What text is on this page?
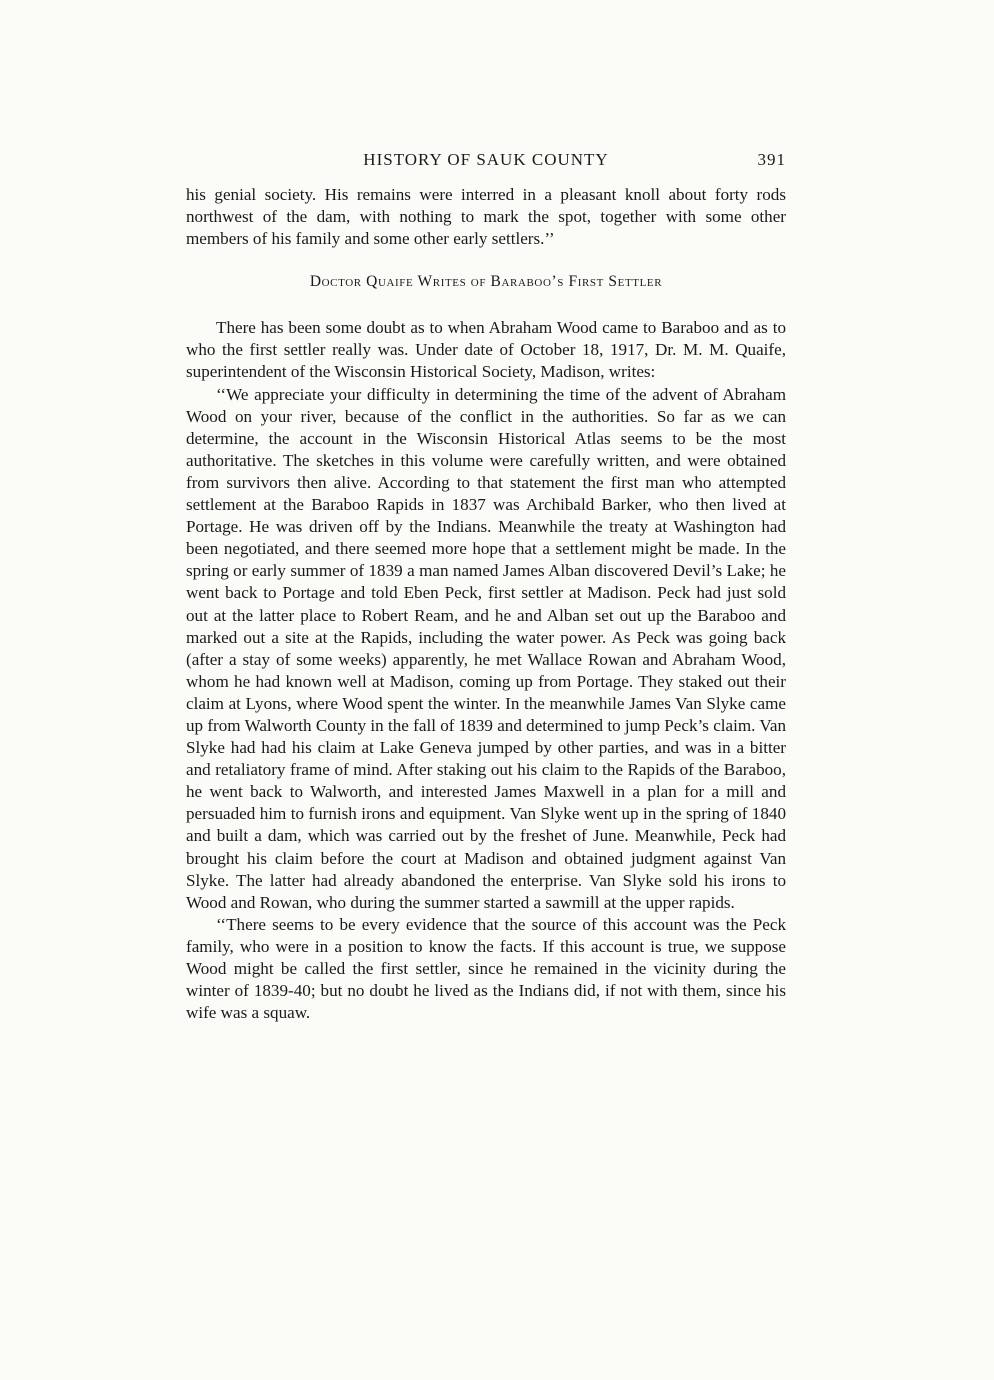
HISTORY OF SAUK COUNTY	391

his genial society. His remains were interred in a pleasant knoll about forty rods northwest of the dam, with nothing to mark the spot, together with some other members of his family and some other early settlers.’’

Doctor Quaife Writes of Baraboo’s First Settler

There has been some doubt as to when Abraham Wood came to Baraboo and as to who the first settler really was. Under date of October 18, 1917, Dr. M. M. Quaife, superintendent of the Wisconsin Historical Society, Madison, writes:

‘‘We appreciate your difficulty in determining the time of the advent of Abraham Wood on your river, because of the conflict in the authorities. So far as we can determine, the account in the Wisconsin Historical Atlas seems to be the most authoritative. The sketches in this volume were carefully written, and were obtained from survivors then alive. According to that statement the first man who attempted settlement at the Baraboo Rapids in 1837 was Archibald Barker, who then lived at Portage. He was driven off by the Indians. Meanwhile the treaty at Washington had been negotiated, and there seemed more hope that a settlement might be made. In the spring or early summer of 1839 a man named James Alban discovered Devil’s Lake; he went back to Portage and told Eben Peck, first settler at Madison. Peck had just sold out at the latter place to Robert Ream, and he and Alban set out up the Baraboo and marked out a site at the Rapids, including the water power. As Peck was going back (after a stay of some weeks) apparently, he met Wallace Rowan and Abraham Wood, whom he had known well at Madison, coming up from Portage. They staked out their claim at Lyons, where Wood spent the winter. In the meanwhile James Van Slyke came up from Walworth County in the fall of 1839 and determined to jump Peck’s claim. Van Slyke had had his claim at Lake Geneva jumped by other parties, and was in a bitter and retaliatory frame of mind. After staking out his claim to the Rapids of the Baraboo, he went back to Walworth, and interested James Maxwell in a plan for a mill and persuaded him to furnish irons and equipment. Van Slyke went up in the spring of 1840 and built a dam, which was carried out by the freshet of June. Meanwhile, Peck had brought his claim before the court at Madison and obtained judgment against Van Slyke. The latter had already abandoned the enterprise. Van Slyke sold his irons to Wood and Rowan, who during the summer started a sawmill at the upper rapids.

‘‘There seems to be every evidence that the source of this account was the Peck family, who were in a position to know the facts. If this account is true, we suppose Wood might be called the first settler, since he remained in the vicinity during the winter of 1839-40; but no doubt he lived as the Indians did, if not with them, since his wife was a squaw.
